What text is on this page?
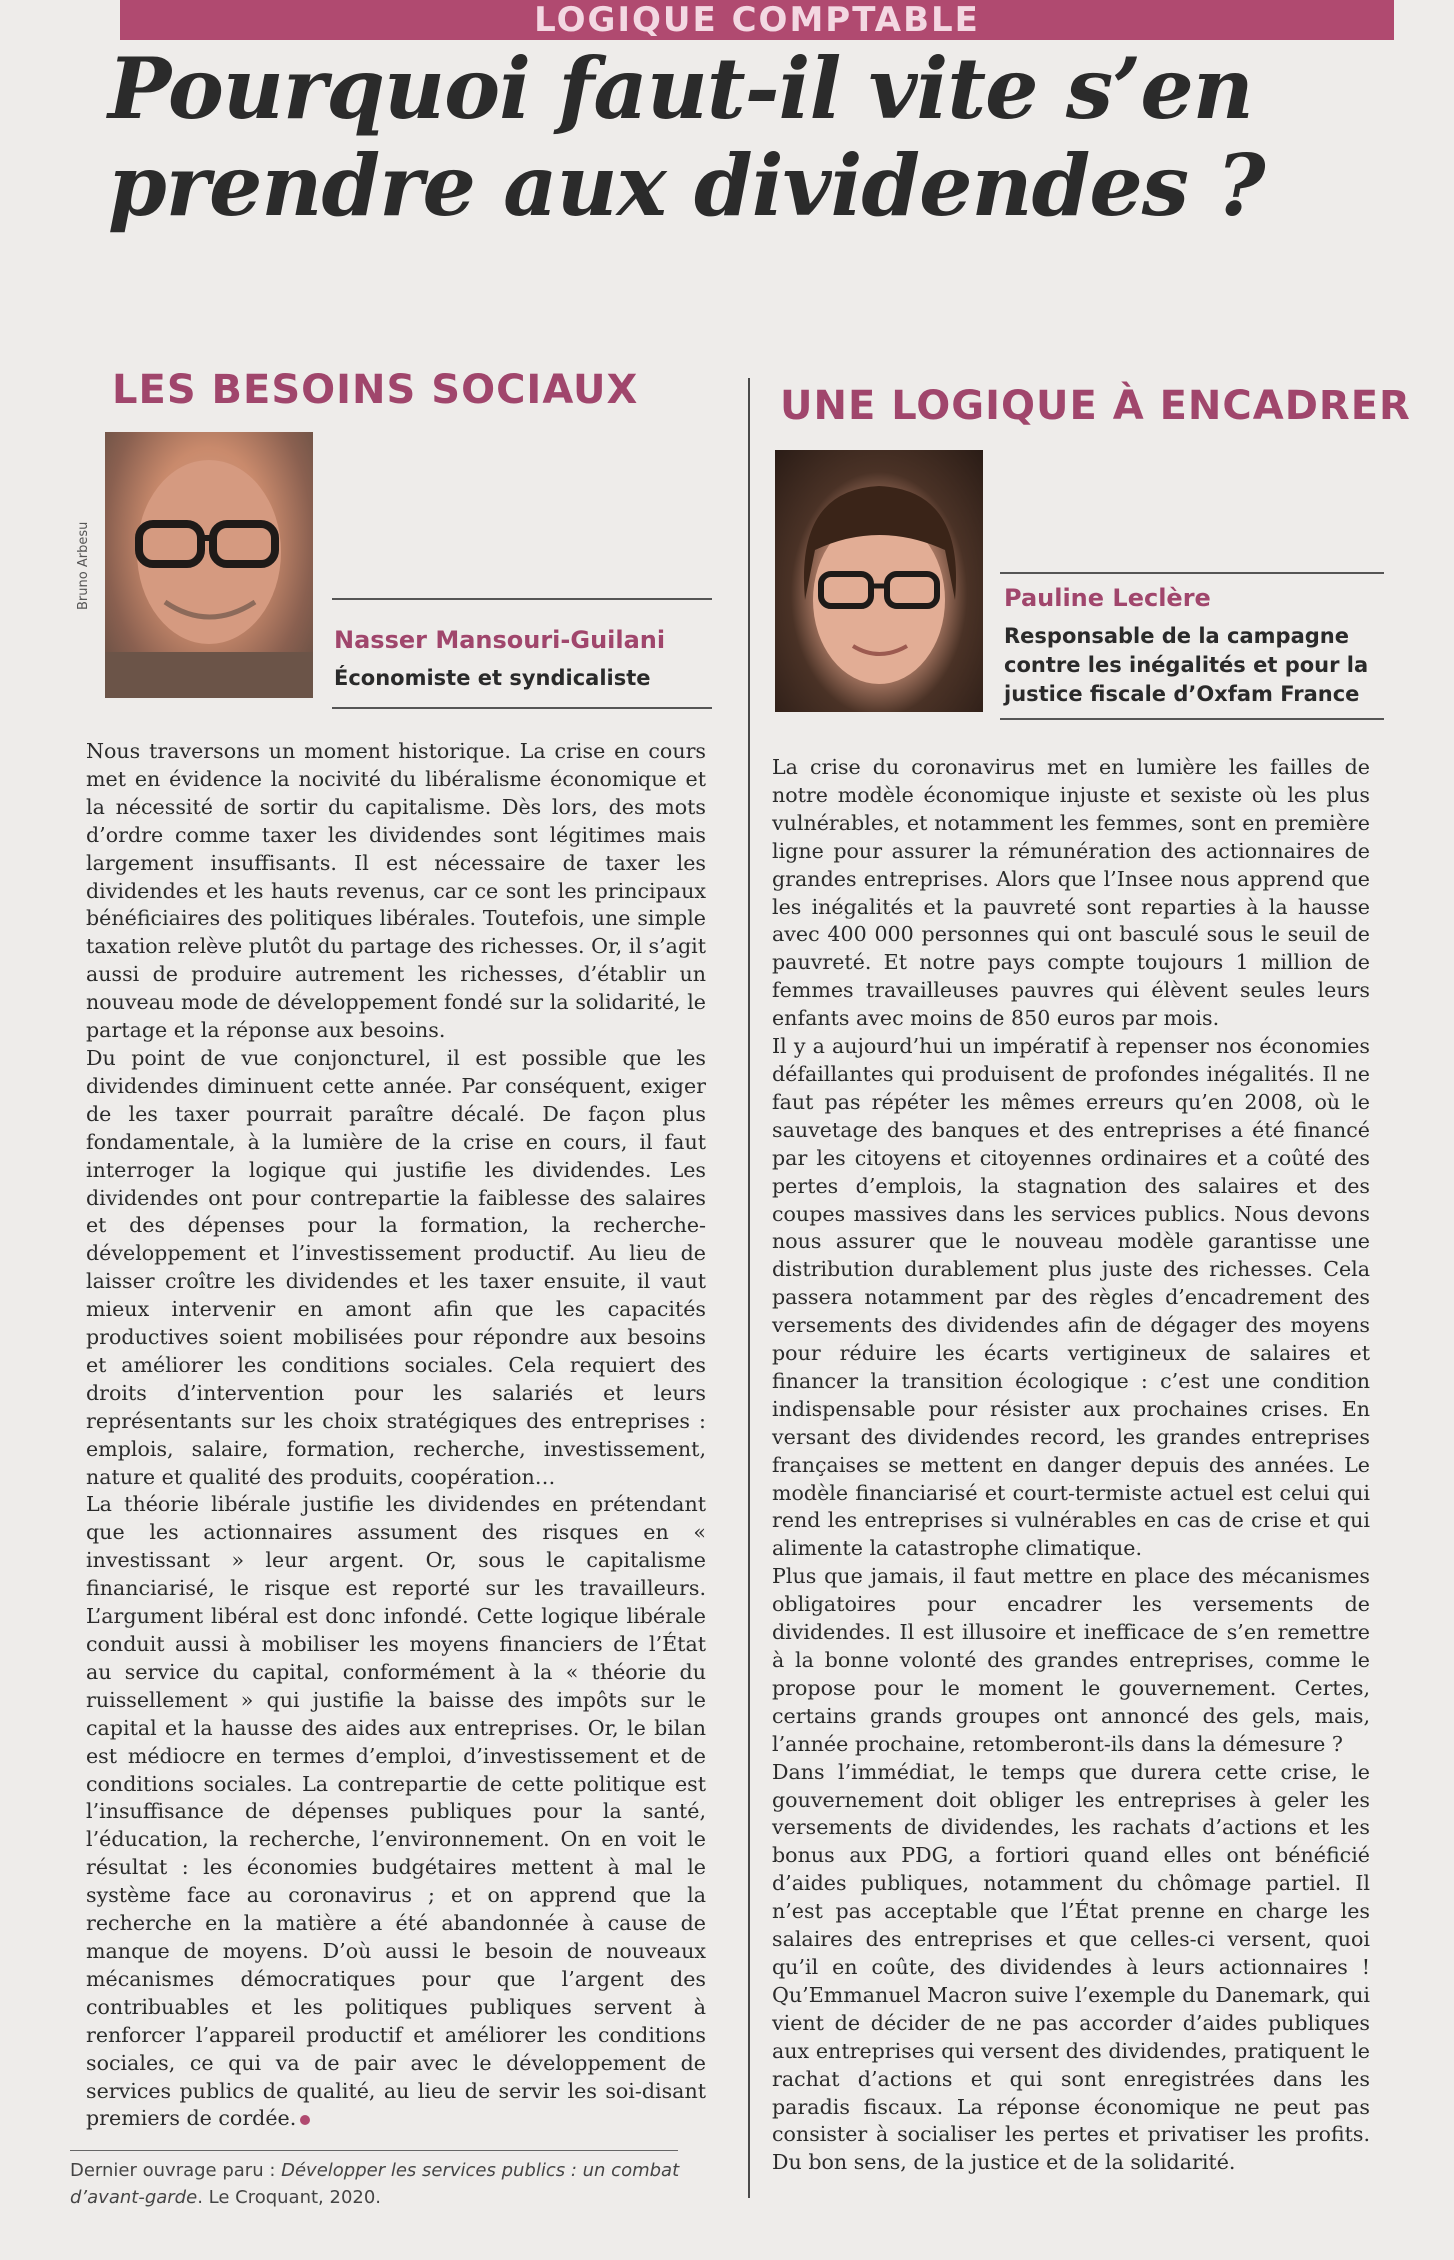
LOGIQUE COMPTABLE
Pourquoi faut-il vite s’en prendre aux dividendes ?
LES BESOINS SOCIAUX
Bruno Arbesu
Nasser Mansouri-Guilani
Économiste et syndicaliste

Nous traversons un moment historique. La crise en cours met en évidence la nocivité du libéralisme économique et la nécessité de sortir du capitalisme. Dès lors, des mots d’ordre comme taxer les dividendes sont légitimes mais largement insuffisants. Il est nécessaire de taxer les dividendes et les hauts revenus, car ce sont les principaux bénéficiaires des politiques libérales. Toutefois, une simple taxation relève plutôt du partage des richesses. Or, il s’agit aussi de produire autrement les richesses, d’établir un nouveau mode de développement fondé sur la solidarité, le partage et la réponse aux besoins.

Du point de vue conjoncturel, il est possible que les dividendes diminuent cette année. Par conséquent, exiger de les taxer pourrait paraître décalé. De façon plus fondamentale, à la lumière de la crise en cours, il faut interroger la logique qui justifie les dividendes. Les dividendes ont pour contrepartie la faiblesse des salaires et des dépenses pour la formation, la recherche-développement et l’investissement productif. Au lieu de laisser croître les dividendes et les taxer ensuite, il vaut mieux intervenir en amont afin que les capacités productives soient mobilisées pour répondre aux besoins et améliorer les conditions sociales. Cela requiert des droits d’intervention pour les salariés et leurs représentants sur les choix stratégiques des entreprises : emplois, salaire, formation, recherche, investissement, nature et qualité des produits, coopération…

La théorie libérale justifie les dividendes en prétendant que les actionnaires assument des risques en « investissant » leur argent. Or, sous le capitalisme financiarisé, le risque est reporté sur les travailleurs. L’argument libéral est donc infondé. Cette logique libérale conduit aussi à mobiliser les moyens financiers de l’État au service du capital, conformément à la « théorie du ruissellement » qui justifie la baisse des impôts sur le capital et la hausse des aides aux entreprises. Or, le bilan est médiocre en termes d’emploi, d’investissement et de conditions sociales. La contrepartie de cette politique est l’insuffisance de dépenses publiques pour la santé, l’éducation, la recherche, l’environnement. On en voit le résultat : les économies budgétaires mettent à mal le système face au coronavirus ; et on apprend que la recherche en la matière a été abandonnée à cause de manque de moyens. D’où aussi le besoin de nouveaux mécanismes démocratiques pour que l’argent des contribuables et les politiques publiques servent à renforcer l’appareil productif et améliorer les conditions sociales, ce qui va de pair avec le développement de services publics de qualité, au lieu de servir les soi-disant premiers de cordée.

Dernier ouvrage paru : Développer les services publics : un combat d’avant-garde. Le Croquant, 2020.
UNE LOGIQUE À ENCADRER
Pauline Leclère
Responsable de la campagne contre les inégalités et pour la justice fiscale d’Oxfam France

La crise du coronavirus met en lumière les failles de notre modèle économique injuste et sexiste où les plus vulnérables, et notamment les femmes, sont en première ligne pour assurer la rémunération des actionnaires de grandes entreprises. Alors que l’Insee nous apprend que les inégalités et la pauvreté sont reparties à la hausse avec 400 000 personnes qui ont basculé sous le seuil de pauvreté. Et notre pays compte toujours 1 million de femmes travailleuses pauvres qui élèvent seules leurs enfants avec moins de 850 euros par mois.

Il y a aujourd’hui un impératif à repenser nos économies défaillantes qui produisent de profondes inégalités. Il ne faut pas répéter les mêmes erreurs qu’en 2008, où le sauvetage des banques et des entreprises a été financé par les citoyens et citoyennes ordinaires et a coûté des pertes d’emplois, la stagnation des salaires et des coupes massives dans les services publics. Nous devons nous assurer que le nouveau modèle garantisse une distribution durablement plus juste des richesses. Cela passera notamment par des règles d’encadrement des versements des dividendes afin de dégager des moyens pour réduire les écarts vertigineux de salaires et financer la transition écologique : c’est une condition indispensable pour résister aux prochaines crises. En versant des dividendes record, les grandes entreprises françaises se mettent en danger depuis des années. Le modèle financiarisé et court-termiste actuel est celui qui rend les entreprises si vulnérables en cas de crise et qui alimente la catastrophe climatique.

Plus que jamais, il faut mettre en place des mécanismes obligatoires pour encadrer les versements de dividendes. Il est illusoire et inefficace de s’en remettre à la bonne volonté des grandes entreprises, comme le propose pour le moment le gouvernement. Certes, certains grands groupes ont annoncé des gels, mais, l’année prochaine, retomberont-ils dans la démesure ?

Dans l’immédiat, le temps que durera cette crise, le gouvernement doit obliger les entreprises à geler les versements de dividendes, les rachats d’actions et les bonus aux PDG, a fortiori quand elles ont bénéficié d’aides publiques, notamment du chômage partiel. Il n’est pas acceptable que l’État prenne en charge les salaires des entreprises et que celles-ci versent, quoi qu’il en coûte, des dividendes à leurs actionnaires ! Qu’Emmanuel Macron suive l’exemple du Danemark, qui vient de décider de ne pas accorder d’aides publiques aux entreprises qui versent des dividendes, pratiquent le rachat d’actions et qui sont enregistrées dans les paradis fiscaux. La réponse économique ne peut pas consister à socialiser les pertes et privatiser les profits. Du bon sens, de la justice et de la solidarité.
